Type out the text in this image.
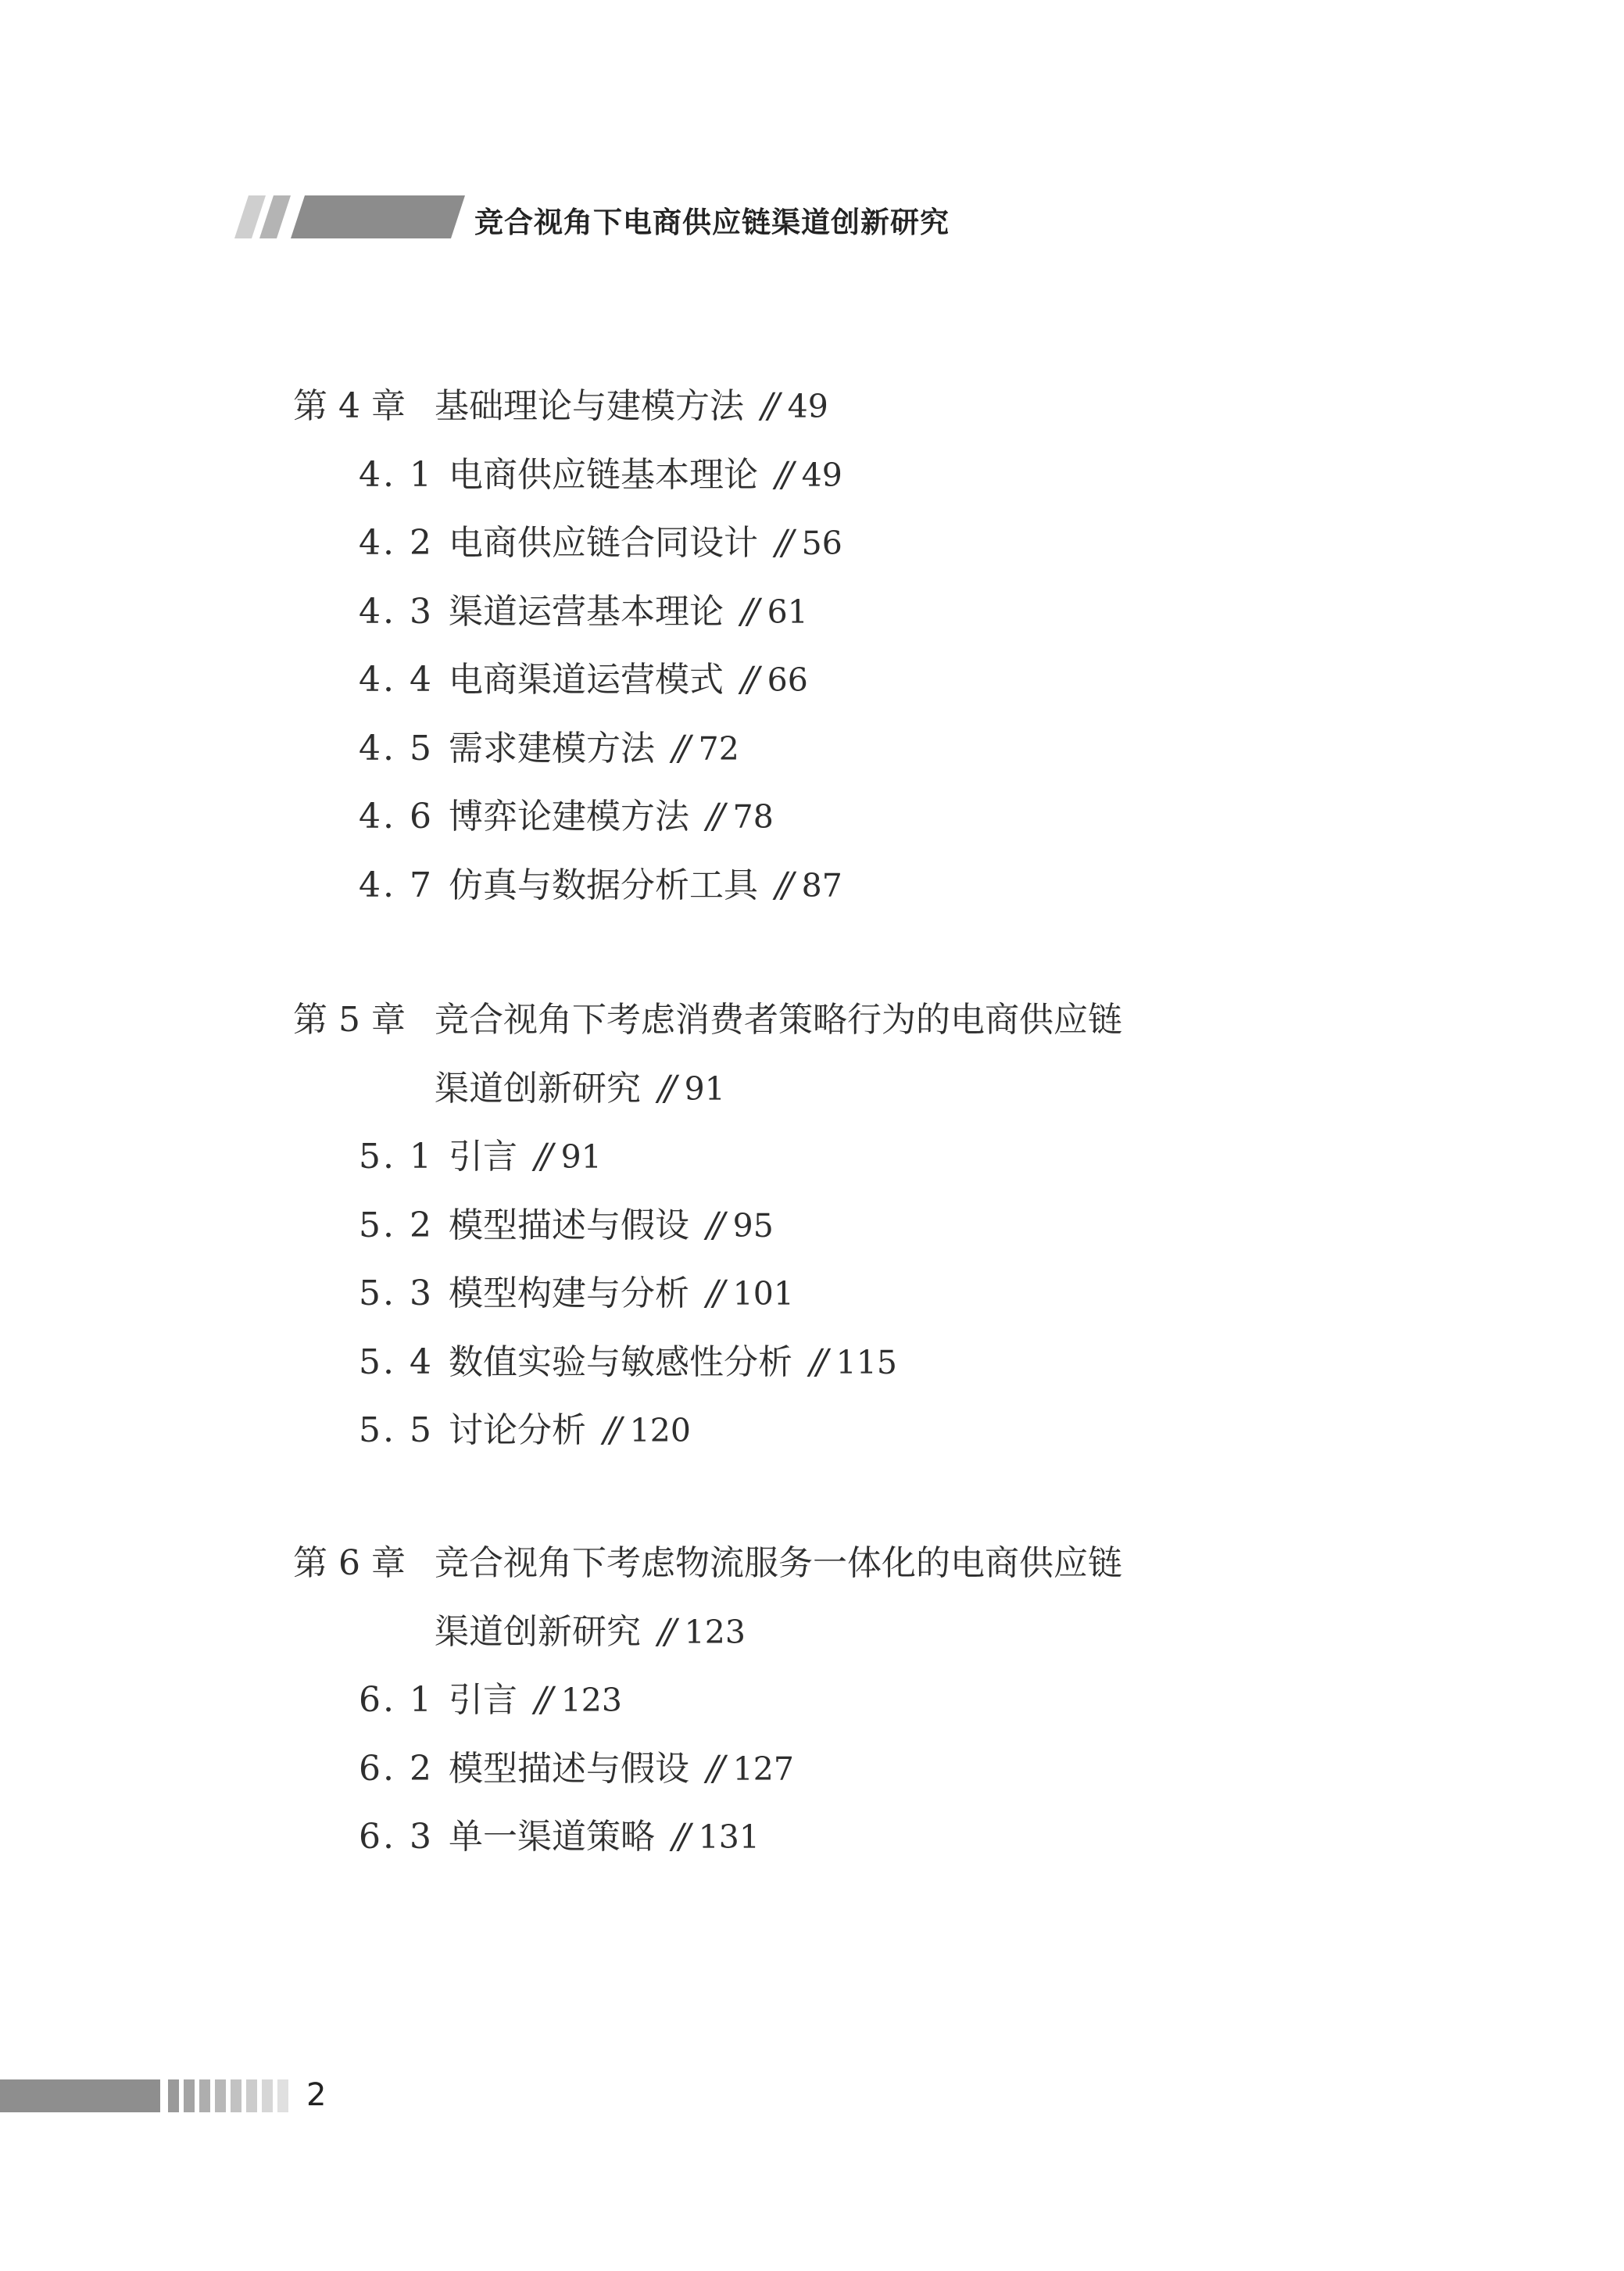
竞合视角下电商供应链渠道创新研究
第 4 章 基础理论与建模方法 // 49
4. 1 电商供应链基本理论 // 49
4. 2 电商供应链合同设计 // 56
4. 3 渠道运营基本理论 // 61
4. 4 电商渠道运营模式 // 66
4. 5 需求建模方法 // 72
4. 6 博弈论建模方法 // 78
4. 7 仿真与数据分析工具 // 87
第 5 章 竞合视角下考虑消费者策略行为的电商供应链
渠道创新研究 // 91
5. 1 引言 // 91
5. 2 模型描述与假设 // 95
5. 3 模型构建与分析 // 101
5. 4 数值实验与敏感性分析 // 115
5. 5 讨论分析 // 120
第 6 章 竞合视角下考虑物流服务一体化的电商供应链
渠道创新研究 // 123
6. 1 引言 // 123
6. 2 模型描述与假设 // 127
6. 3 单一渠道策略 // 131
2
